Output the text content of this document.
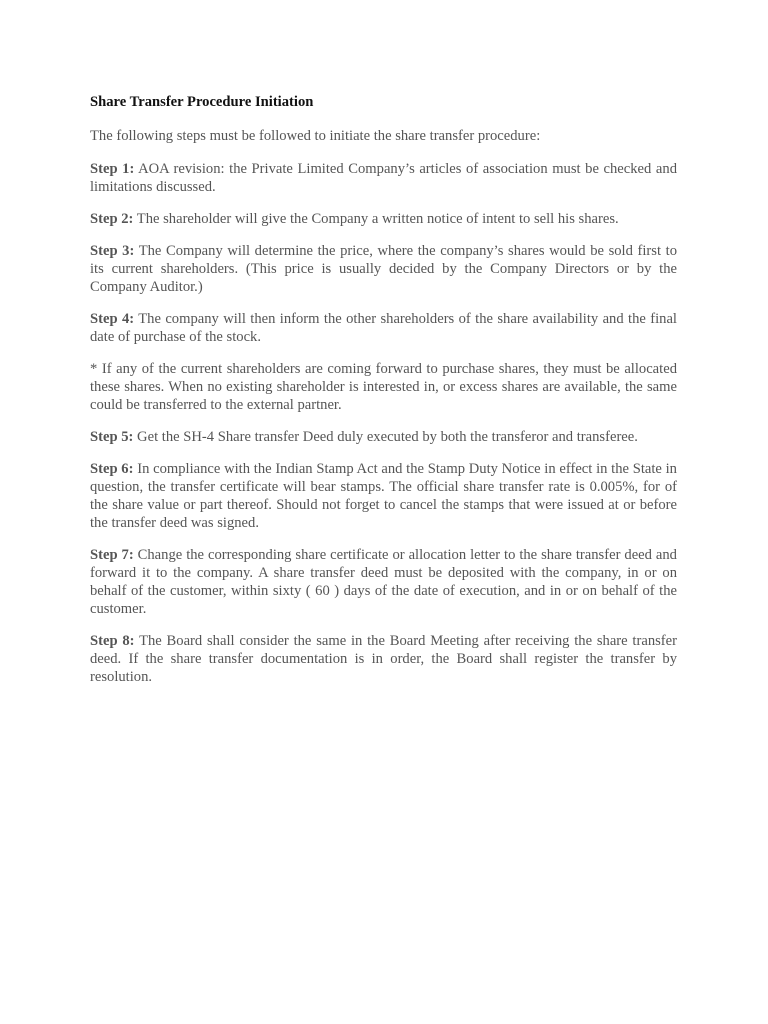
Share Transfer Procedure Initiation
The following steps must be followed to initiate the share transfer procedure:
Step 1: AOA revision: the Private Limited Company’s articles of association must be checked and limitations discussed.
Step 2: The shareholder will give the Company a written notice of intent to sell his shares.
Step 3: The Company will determine the price, where the company’s shares would be sold first to its current shareholders. (This price is usually decided by the Company Directors or by the Company Auditor.)
Step 4: The company will then inform the other shareholders of the share availability and the final date of purchase of the stock.
* If any of the current shareholders are coming forward to purchase shares, they must be allocated these shares. When no existing shareholder is interested in, or excess shares are available, the same could be transferred to the external partner.
Step 5: Get the SH-4 Share transfer Deed duly executed by both the transferor and transferee.
Step 6: In compliance with the Indian Stamp Act and the Stamp Duty Notice in effect in the State in question, the transfer certificate will bear stamps. The official share transfer rate is 0.005%, for of the share value or part thereof. Should not forget to cancel the stamps that were issued at or before the transfer deed was signed.
Step 7: Change the corresponding share certificate or allocation letter to the share transfer deed and forward it to the company. A share transfer deed must be deposited with the company, in or on behalf of the customer, within sixty ( 60 ) days of the date of execution, and in or on behalf of the customer.
Step 8: The Board shall consider the same in the Board Meeting after receiving the share transfer deed. If the share transfer documentation is in order, the Board shall register the transfer by resolution.
